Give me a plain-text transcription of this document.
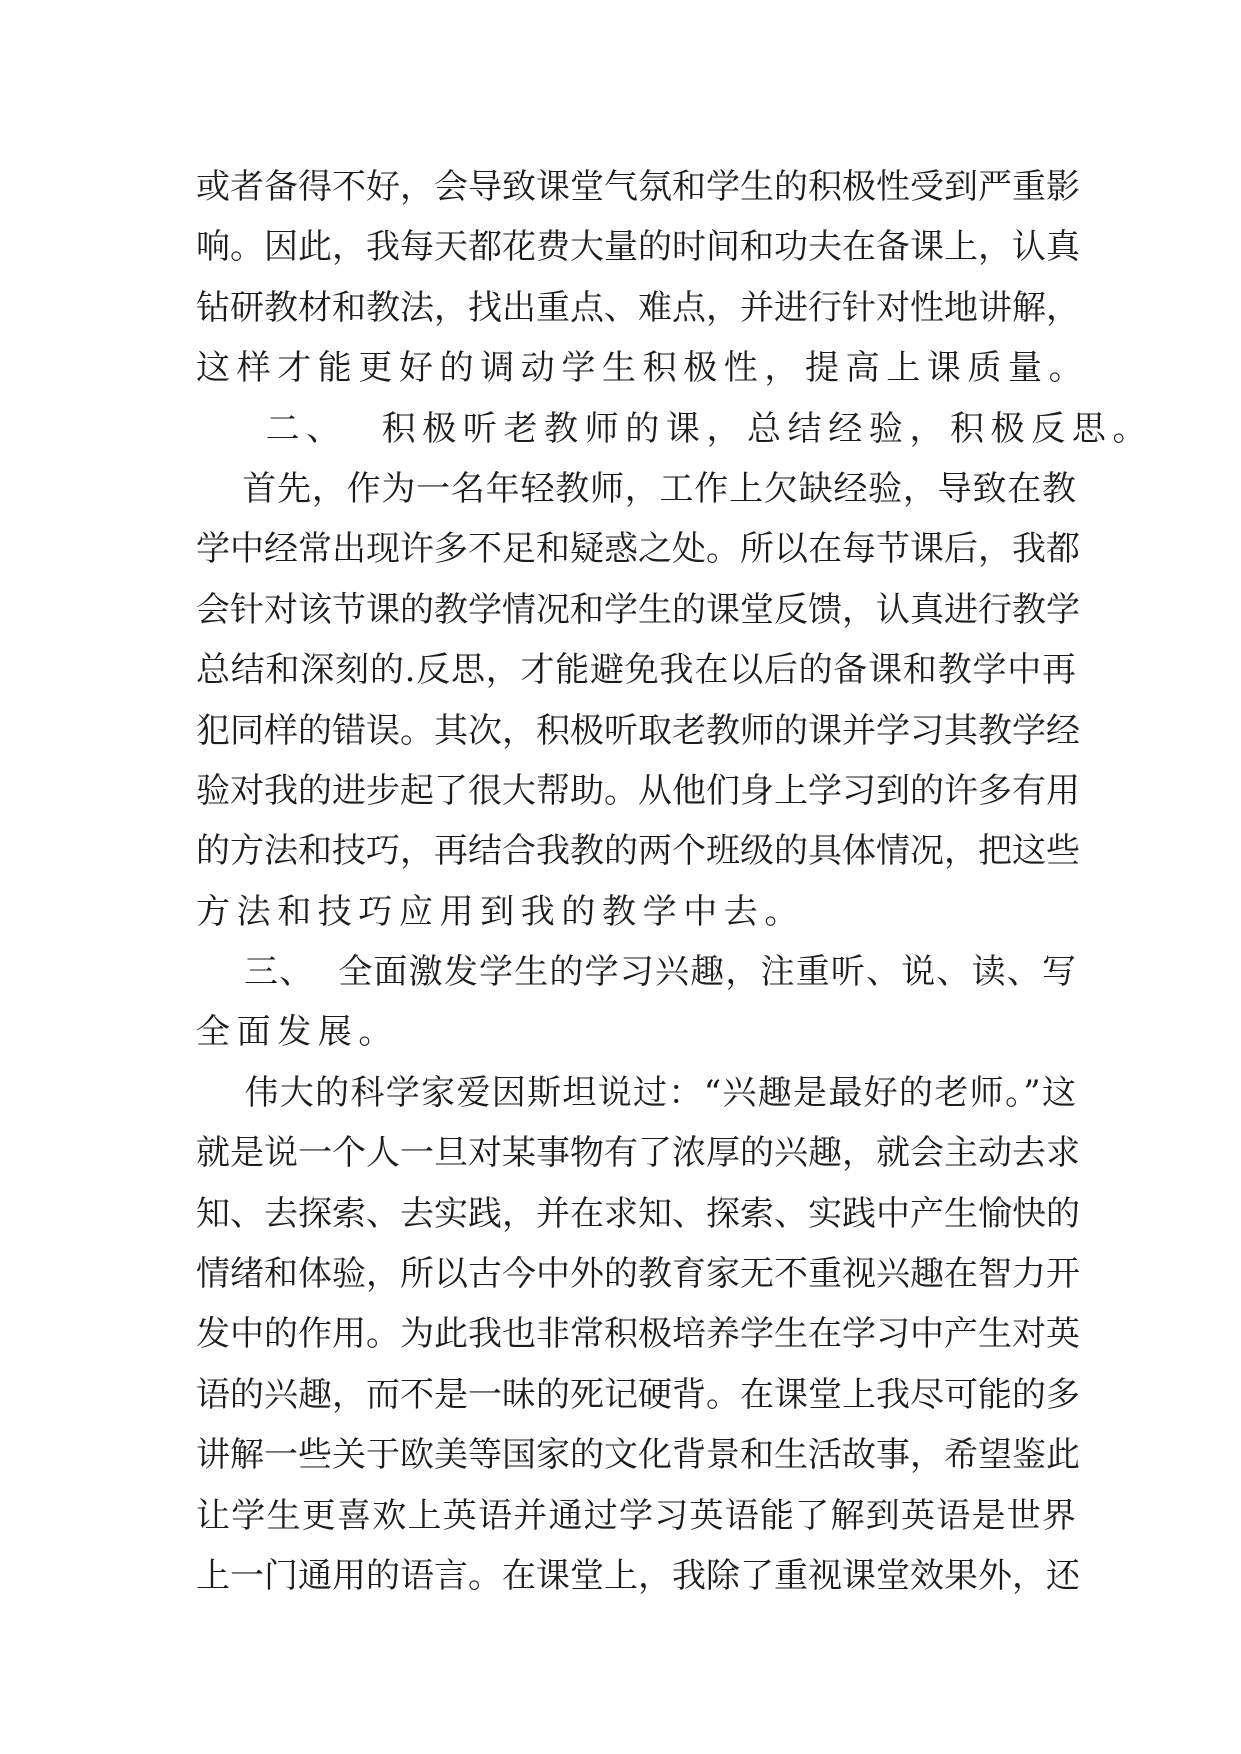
或者备得不好，会导致课堂气氛和学生的积极性受到严重影
响。因此，我每天都花费大量的时间和功夫在备课上，认真
钻研教材和教法，找出重点、难点，并进行针对性地讲解，
这样才能更好的调动学生积极性，提高上课质量。
二、  积极听老教师的课，总结经验，积极反思。
首先，作为一名年轻教师，工作上欠缺经验，导致在教
学中经常出现许多不足和疑惑之处。所以在每节课后，我都
会针对该节课的教学情况和学生的课堂反馈，认真进行教学
总结和深刻的.反思，才能避免我在以后的备课和教学中再
犯同样的错误。其次，积极听取老教师的课并学习其教学经
验对我的进步起了很大帮助。从他们身上学习到的许多有用
的方法和技巧，再结合我教的两个班级的具体情况，把这些
方法和技巧应用到我的教学中去。
三、  全面激发学生的学习兴趣，注重听、说、读、写
全面发展。
伟大的科学家爱因斯坦说过：“兴趣是最好的老师。”这
就是说一个人一旦对某事物有了浓厚的兴趣，就会主动去求
知、去探索、去实践，并在求知、探索、实践中产生愉快的
情绪和体验，所以古今中外的教育家无不重视兴趣在智力开
发中的作用。为此我也非常积极培养学生在学习中产生对英
语的兴趣，而不是一昧的死记硬背。在课堂上我尽可能的多
讲解一些关于欧美等国家的文化背景和生活故事，希望鉴此
让学生更喜欢上英语并通过学习英语能了解到英语是世界
上一门通用的语言。在课堂上，我除了重视课堂效果外，还
